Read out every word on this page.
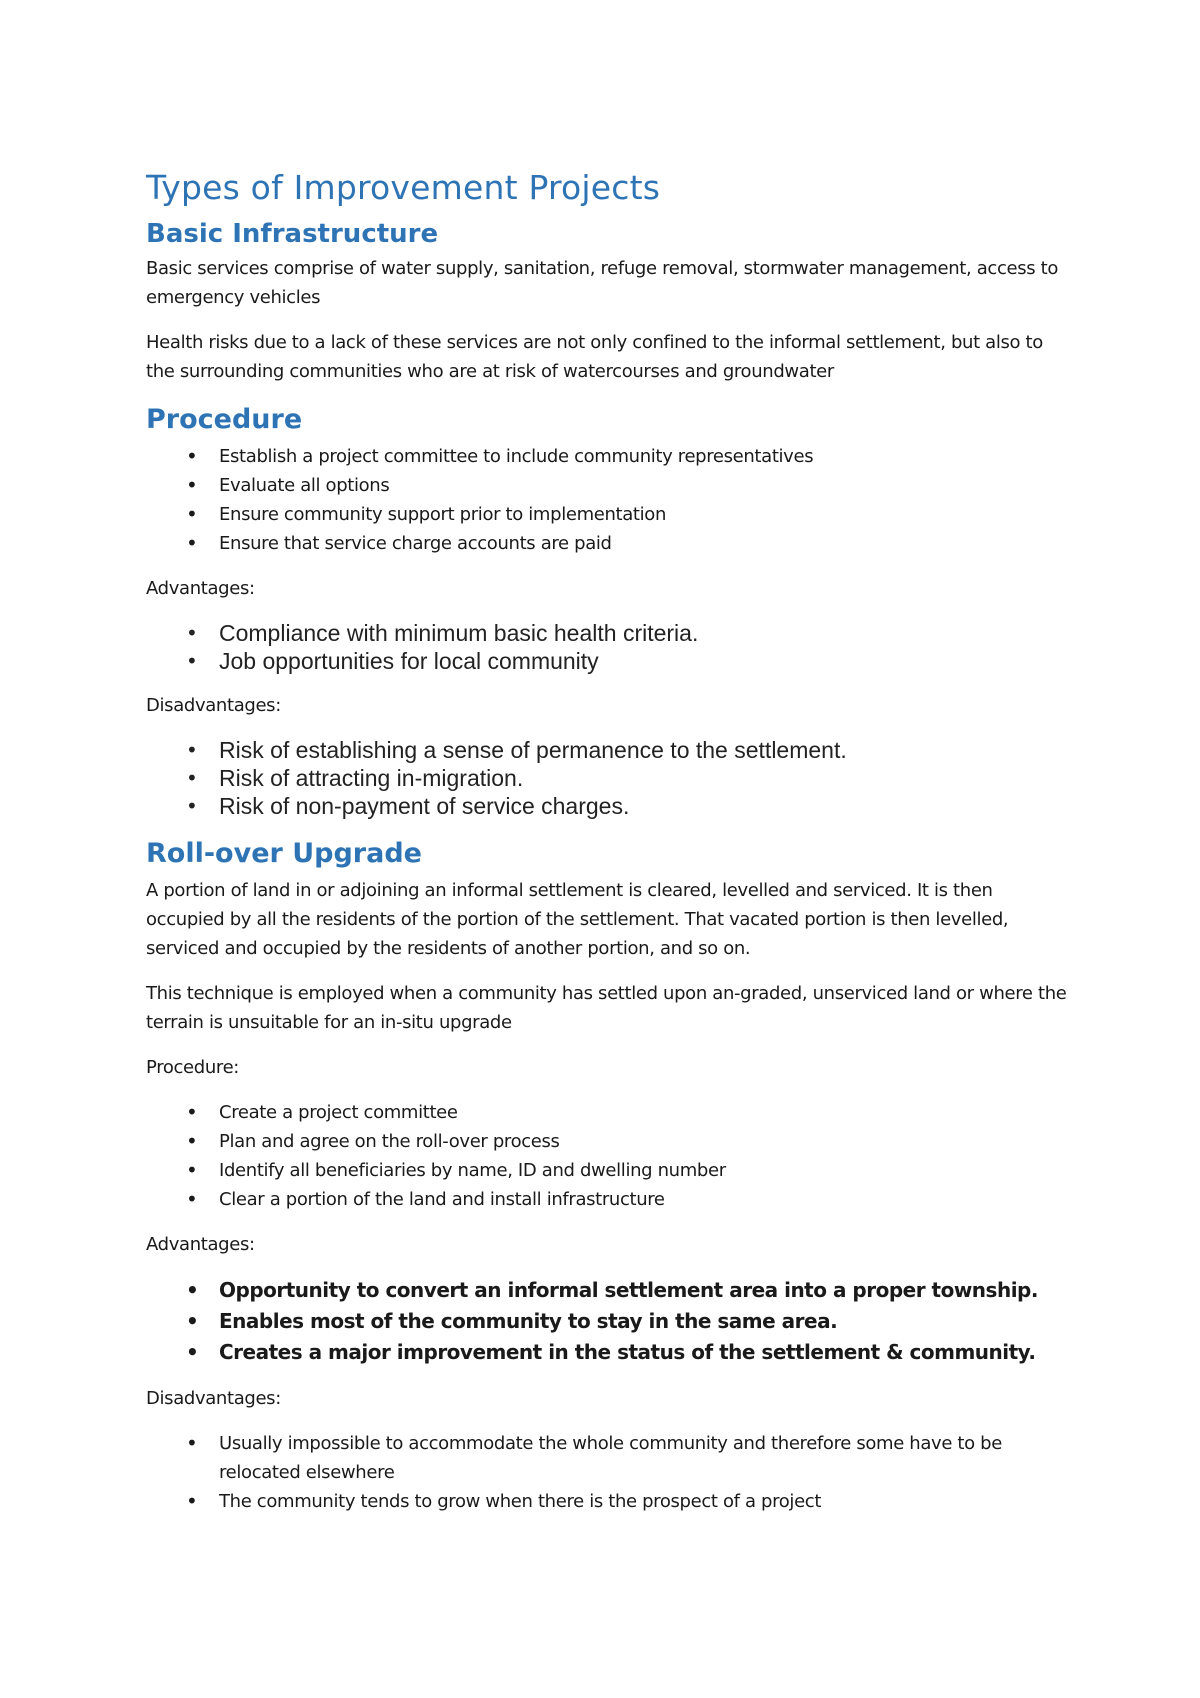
Types of Improvement Projects
Basic Infrastructure

Basic services comprise of water supply, sanitation, refuge removal, stormwater management, access to emergency vehicles

Health risks due to a lack of these services are not only confined to the informal settlement, but also to the surrounding communities who are at risk of watercourses and groundwater

Procedure
• Establish a project committee to include community representatives
• Evaluate all options
• Ensure community support prior to implementation
• Ensure that service charge accounts are paid

Advantages:

• Compliance with minimum basic health criteria.
• Job opportunities for local community

Disadvantages:

• Risk of establishing a sense of permanence to the settlement.
• Risk of attracting in-migration.
• Risk of non-payment of service charges.
Roll-over Upgrade

A portion of land in or adjoining an informal settlement is cleared, levelled and serviced. It is then occupied by all the residents of the portion of the settlement. That vacated portion is then levelled, serviced and occupied by the residents of another portion, and so on.

This technique is employed when a community has settled upon an-graded, unserviced land or where the terrain is unsuitable for an in-situ upgrade

Procedure:

• Create a project committee
• Plan and agree on the roll-over process
• Identify all beneficiaries by name, ID and dwelling number
• Clear a portion of the land and install infrastructure

Advantages:

• Opportunity to convert an informal settlement area into a proper township.
• Enables most of the community to stay in the same area.
• Creates a major improvement in the status of the settlement & community.

Disadvantages:

• Usually impossible to accommodate the whole community and therefore some have to be relocated elsewhere
• The community tends to grow when there is the prospect of a project
